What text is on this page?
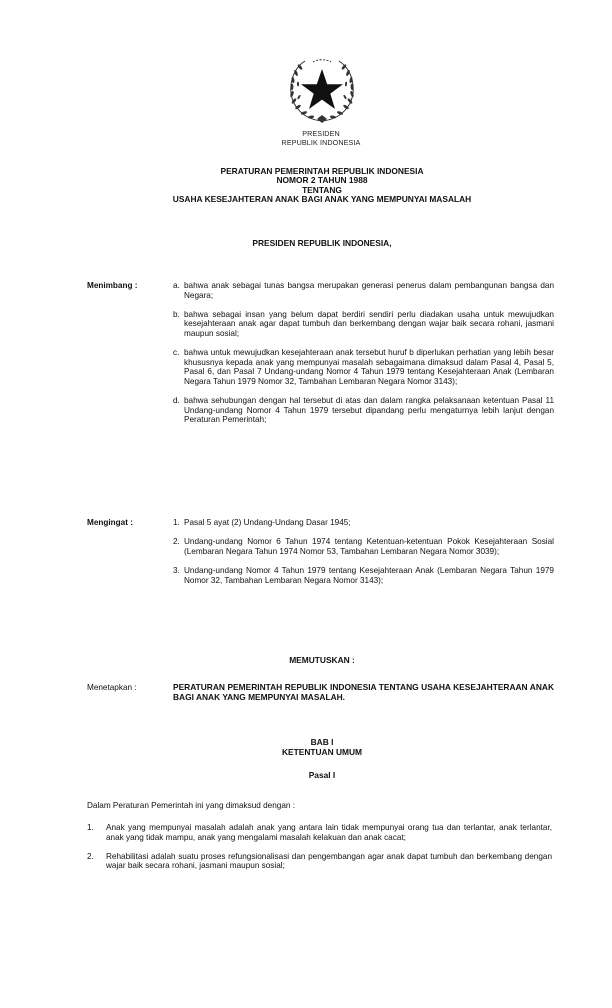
PRESIDEN
REPUBLIK INDONESIA
PERATURAN PEMERINTAH REPUBLIK INDONESIA
NOMOR 2 TAHUN 1988
TENTANG
USAHA KESEJAHTERAN ANAK BAGI ANAK YANG MEMPUNYAI MASALAH
PRESIDEN REPUBLIK INDONESIA,
Menimbang :	a. bahwa anak sebagai tunas bangsa merupakan generasi penerus dalam pembangunan bangsa dan Negara;
b. bahwa sebagai insan yang belum dapat berdiri sendiri perlu diadakan usaha untuk mewujudkan kesejahteraan anak agar dapat tumbuh dan berkembang dengan wajar baik secara rohani, jasmani maupun sosial;
c. bahwa untuk mewujudkan kesejahteraan anak tersebut huruf b diperlukan perhatian yang lebih besar khususnya kepada anak yang mempunyai masalah sebagaimana dimaksud dalam Pasal 4, Pasal 5, Pasal 6, dan Pasal 7 Undang-undang Nomor 4 Tahun 1979 tentang Kesejahteraan Anak (Lembaran Negara Tahun 1979 Nomor 32, Tambahan Lembaran Negara Nomor 3143);
d. bahwa sehubungan dengan hal tersebut di atas dan dalam rangka pelaksanaan ketentuan Pasal 11 Undang-undang Nomor 4 Tahun 1979 tersebut dipandang perlu mengaturnya lebih lanjut dengan Peraturan Pemerintah;
Mengingat :	1. Pasal 5 ayat (2) Undang-Undang Dasar 1945;
2. Undang-undang Nomor 6 Tahun 1974 tentang Ketentuan-ketentuan Pokok Kesejahteraan Sosial (Lembaran Negara Tahun 1974 Nomor 53, Tambahan Lembaran Negara Nomor 3039);
3. Undang-undang Nomor 4 Tahun 1979 tentang Kesejahteraan Anak (Lembaran Negara Tahun 1979 Nomor 32, Tambahan Lembaran Negara Nomor 3143);
MEMUTUSKAN :
Menetapkan :	PERATURAN PEMERINTAH REPUBLIK INDONESIA TENTANG USAHA KESEJAHTERAAN ANAK BAGI ANAK YANG MEMPUNYAI MASALAH.
BAB I
KETENTUAN UMUM
Pasal I
Dalam Peraturan Pemerintah ini yang dimaksud dengan :
1. Anak yang mempunyai masalah adalah anak yang antara lain tidak mempunyai orang tua dan terlantar, anak terlantar, anak yang tidak mampu, anak yang mengalami masalah kelakuan dan anak cacat;
2. Rehabilitasi adalah suatu proses refungsionalisasi dan pengembangan agar anak dapat tumbuh dan berkembang dengan wajar baik secara rohani, jasmani maupun sosial;
